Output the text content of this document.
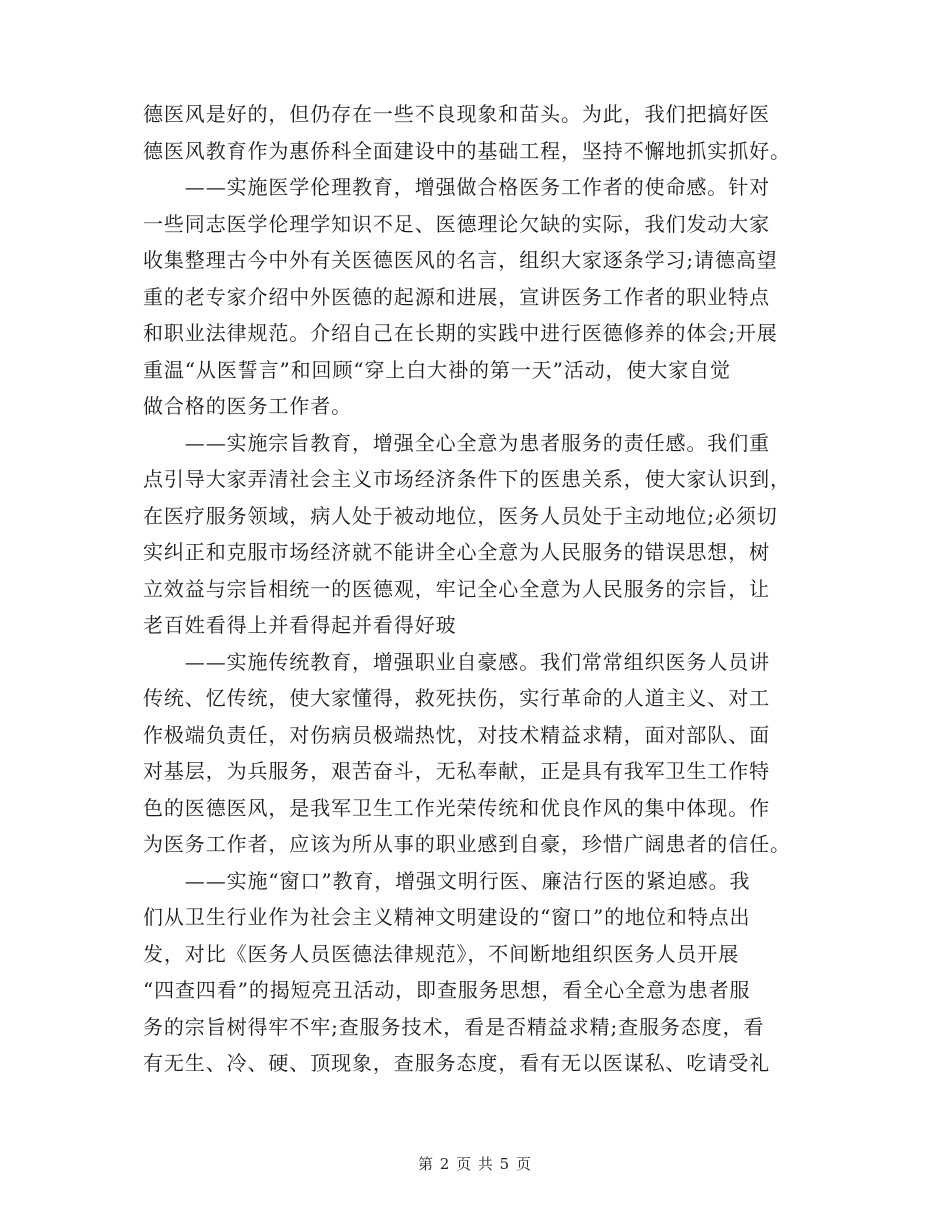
德医风是好的，但仍存在一些不良现象和苗头。为此，我们把搞好医
德医风教育作为惠侨科全面建设中的基础工程，坚持不懈地抓实抓好。
　　——实施医学伦理教育，增强做合格医务工作者的使命感。针对
一些同志医学伦理学知识不足、医德理论欠缺的实际，我们发动大家
收集整理古今中外有关医德医风的名言，组织大家逐条学习;请德高望
重的老专家介绍中外医德的起源和进展，宣讲医务工作者的职业特点
和职业法律规范。介绍自己在长期的实践中进行医德修养的体会;开展
重温“从医誓言”和回顾“穿上白大褂的第一天”活动，使大家自觉
做合格的医务工作者。
　　——实施宗旨教育，增强全心全意为患者服务的责任感。我们重
点引导大家弄清社会主义市场经济条件下的医患关系，使大家认识到，
在医疗服务领域，病人处于被动地位，医务人员处于主动地位;必须切
实纠正和克服市场经济就不能讲全心全意为人民服务的错误思想，树
立效益与宗旨相统一的医德观，牢记全心全意为人民服务的宗旨，让
老百姓看得上并看得起并看得好玻
　　——实施传统教育，增强职业自豪感。我们常常组织医务人员讲
传统、忆传统，使大家懂得，救死扶伤，实行革命的人道主义、对工
作极端负责任，对伤病员极端热忱，对技术精益求精，面对部队、面
对基层，为兵服务，艰苦奋斗，无私奉献，正是具有我军卫生工作特
色的医德医风，是我军卫生工作光荣传统和优良作风的集中体现。作
为医务工作者，应该为所从事的职业感到自豪，珍惜广阔患者的信任。
　　——实施“窗口”教育，增强文明行医、廉洁行医的紧迫感。我
们从卫生行业作为社会主义精神文明建设的“窗口”的地位和特点出
发，对比《医务人员医德法律规范》，不间断地组织医务人员开展
“四查四看”的揭短亮丑活动，即查服务思想，看全心全意为患者服
务的宗旨树得牢不牢;查服务技术，看是否精益求精;查服务态度，看
有无生、冷、硬、顶现象，查服务态度，看有无以医谋私、吃请受礼
第 2 页 共 5 页
